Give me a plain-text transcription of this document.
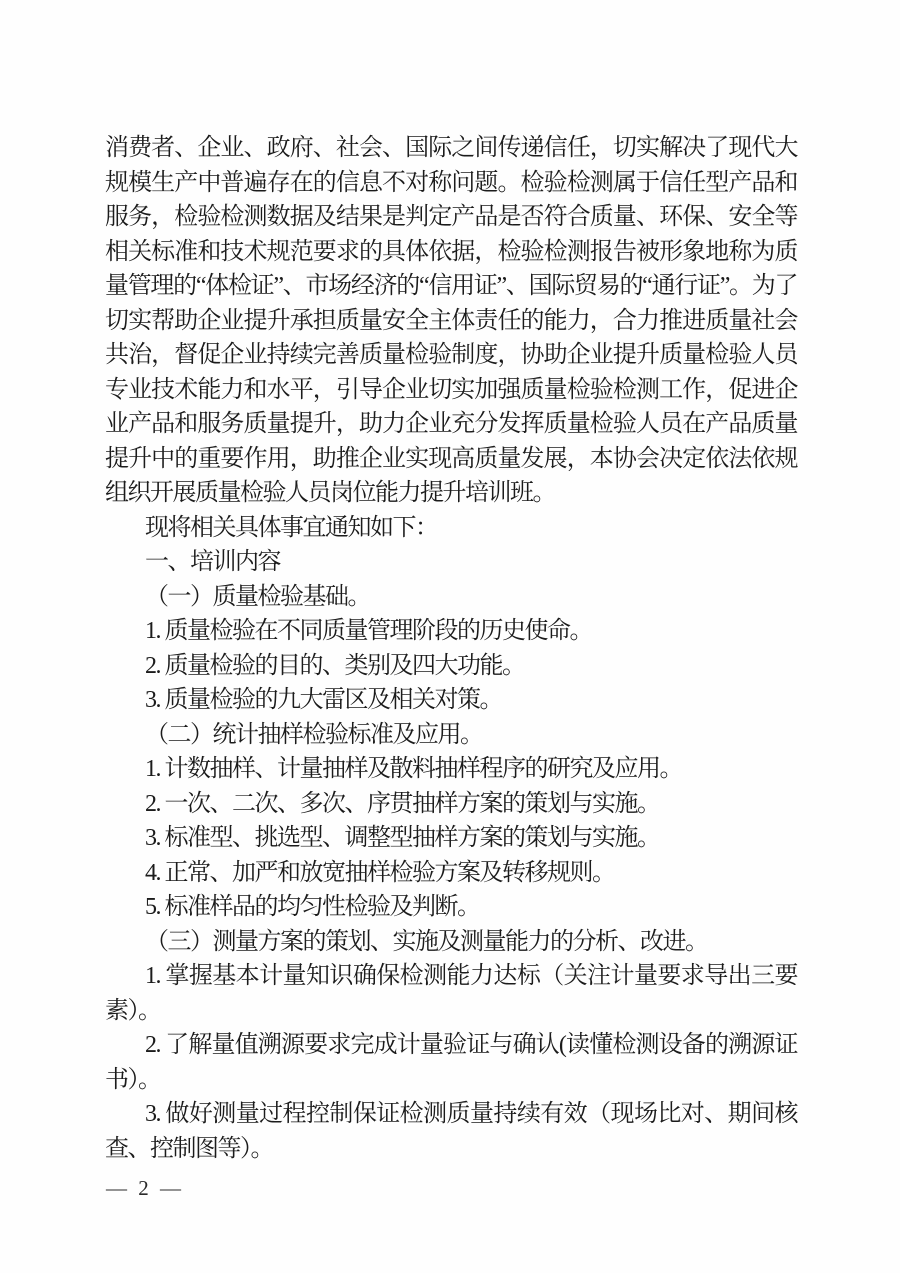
消费者、企业、政府、社会、国际之间传递信任，切实解决了现代大规模生产中普遍存在的信息不对称问题。检验检测属于信任型产品和服务，检验检测数据及结果是判定产品是否符合质量、环保、安全等相关标准和技术规范要求的具体依据，检验检测报告被形象地称为质量管理的“体检证”、市场经济的“信用证”、国际贸易的“通行证”。为了切实帮助企业提升承担质量安全主体责任的能力，合力推进质量社会共治，督促企业持续完善质量检验制度，协助企业提升质量检验人员专业技术能力和水平，引导企业切实加强质量检验检测工作，促进企业产品和服务质量提升，助力企业充分发挥质量检验人员在产品质量提升中的重要作用，助推企业实现高质量发展，本协会决定依法依规组织开展质量检验人员岗位能力提升培训班。

现将相关具体事宜通知如下：

一、培训内容
（一）质量检验基础。

1. 质量检验在不同质量管理阶段的历史使命。

2. 质量检验的目的、类别及四大功能。

3. 质量检验的九大雷区及相关对策。

（二）统计抽样检验标准及应用。

1. 计数抽样、计量抽样及散料抽样程序的研究及应用。

2. 一次、二次、多次、序贯抽样方案的策划与实施。

3. 标准型、挑选型、调整型抽样方案的策划与实施。

4. 正常、加严和放宽抽样检验方案及转移规则。

5. 标准样品的均匀性检验及判断。

（三）测量方案的策划、实施及测量能力的分析、改进。

1. 掌握基本计量知识确保检测能力达标（关注计量要求导出三要素）。

2. 了解量值溯源要求完成计量验证与确认(读懂检测设备的溯源证书）。

3. 做好测量过程控制保证检测质量持续有效（现场比对、期间核查、控制图等）。

— 2 —
